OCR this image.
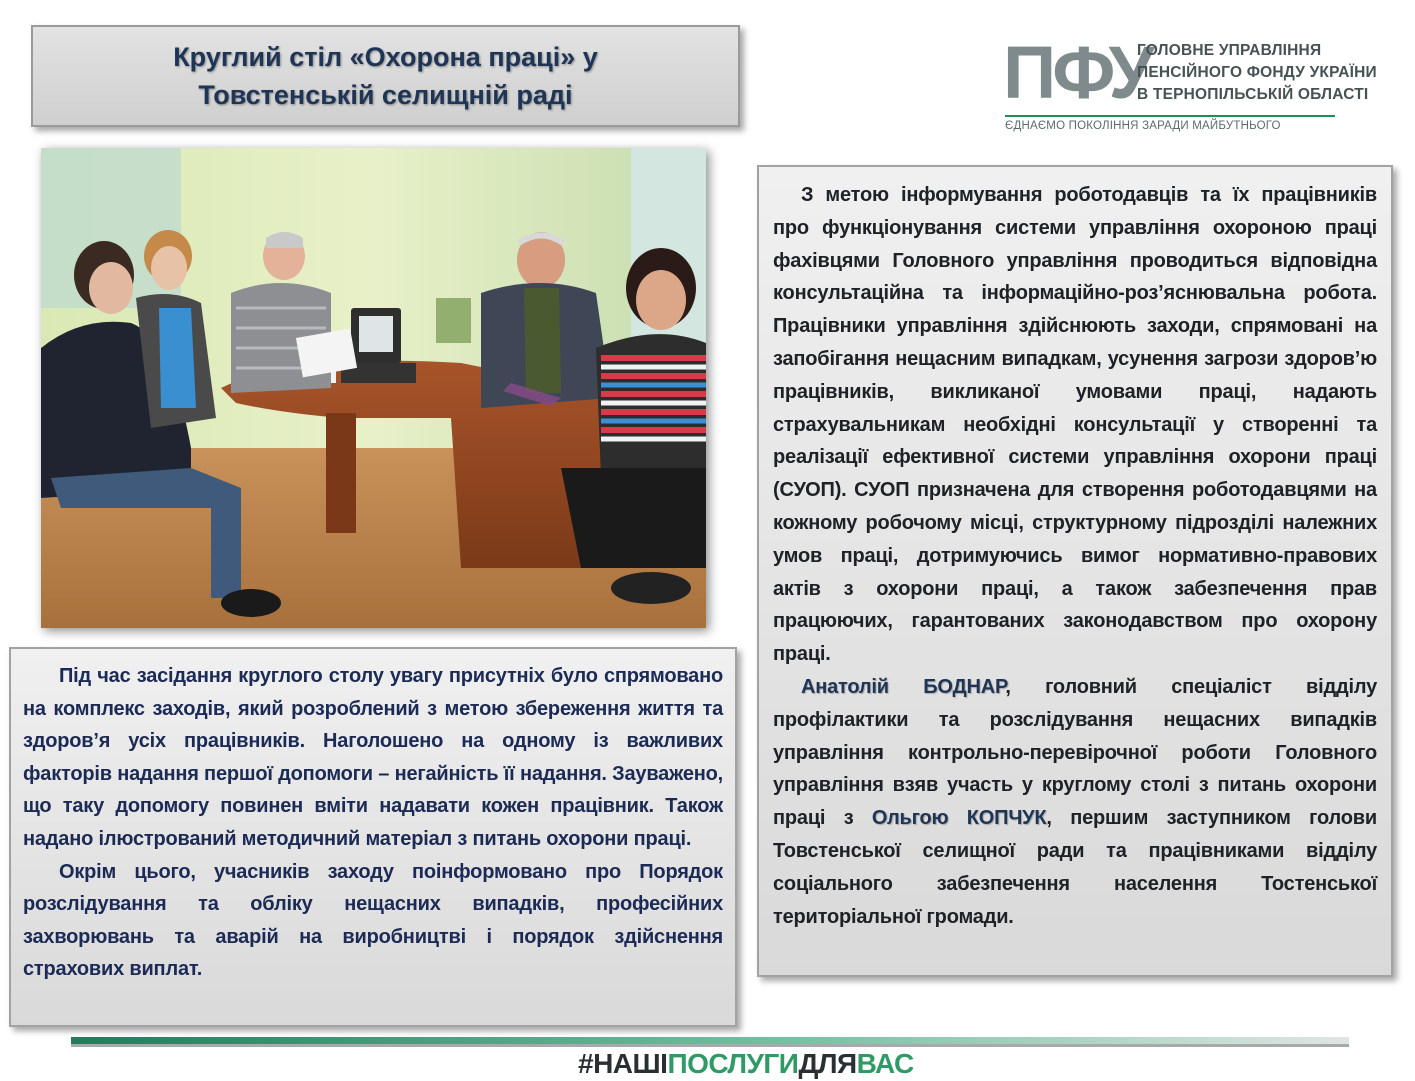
Круглий стіл «Охорона праці» у
Товстенській селищній раді	ПФУ
ГОЛОВНЕ УПРАВЛІННЯ
ПЕНСІЙНОГО ФОНДУ УКРАЇНИ
В ТЕРНОПІЛЬСЬКІЙ ОБЛАСТІ
ЄДНАЄМО ПОКОЛІННЯ ЗАРАДИ МАЙБУТНЬОГО

З метою інформування роботодавців та їх працівників про функціонування системи управління охороною праці фахівцями Головного управління проводиться відповідна консультаційна та інформаційно-роз’яснювальна робота. Працівники управління здійснюють заходи, спрямовані на запобігання нещасним випадкам, усунення загрози здоров’ю працівників, викликаної умовами праці, надають страхувальникам необхідні консультації у створенні та реалізації ефективної системи управління охорони праці (СУОП). СУОП призначена для створення роботодавцями на кожному робочому місці, структурному підрозділі належних умов праці, дотримуючись вимог нормативно-правових актів з охорони праці, а також забезпечення прав працюючих, гарантованих законодавством про охорону праці.

Анатолій БОДНАР, головний спеціаліст відділу профілактики та розслідування нещасних випадків управління контрольно-перевірочної роботи Головного управління взяв участь у круглому столі з питань охорони праці з Ольгою КОПЧУК, першим заступником голови Товстенської селищної ради та працівниками відділу соціального забезпечення населення Тостенської територіальної громади.

Під час засідання круглого столу увагу присутніх було спрямовано на комплекс заходів, який розроблений з метою збереження життя та здоров’я усіх працівників. Наголошено на одному із важливих факторів надання першої допомоги – негайність її надання. Зауважено, що таку допомогу повинен вміти надавати кожен працівник. Також надано ілюстрований методичний матеріал з питань охорони праці.

Окрім цього, учасників заходу поінформовано про Порядок розслідування та обліку нещасних випадків, професійних захворювань та аварій на виробництві і порядок здійснення страхових виплат.

#НАШІПОСЛУГИДЛЯВАС
